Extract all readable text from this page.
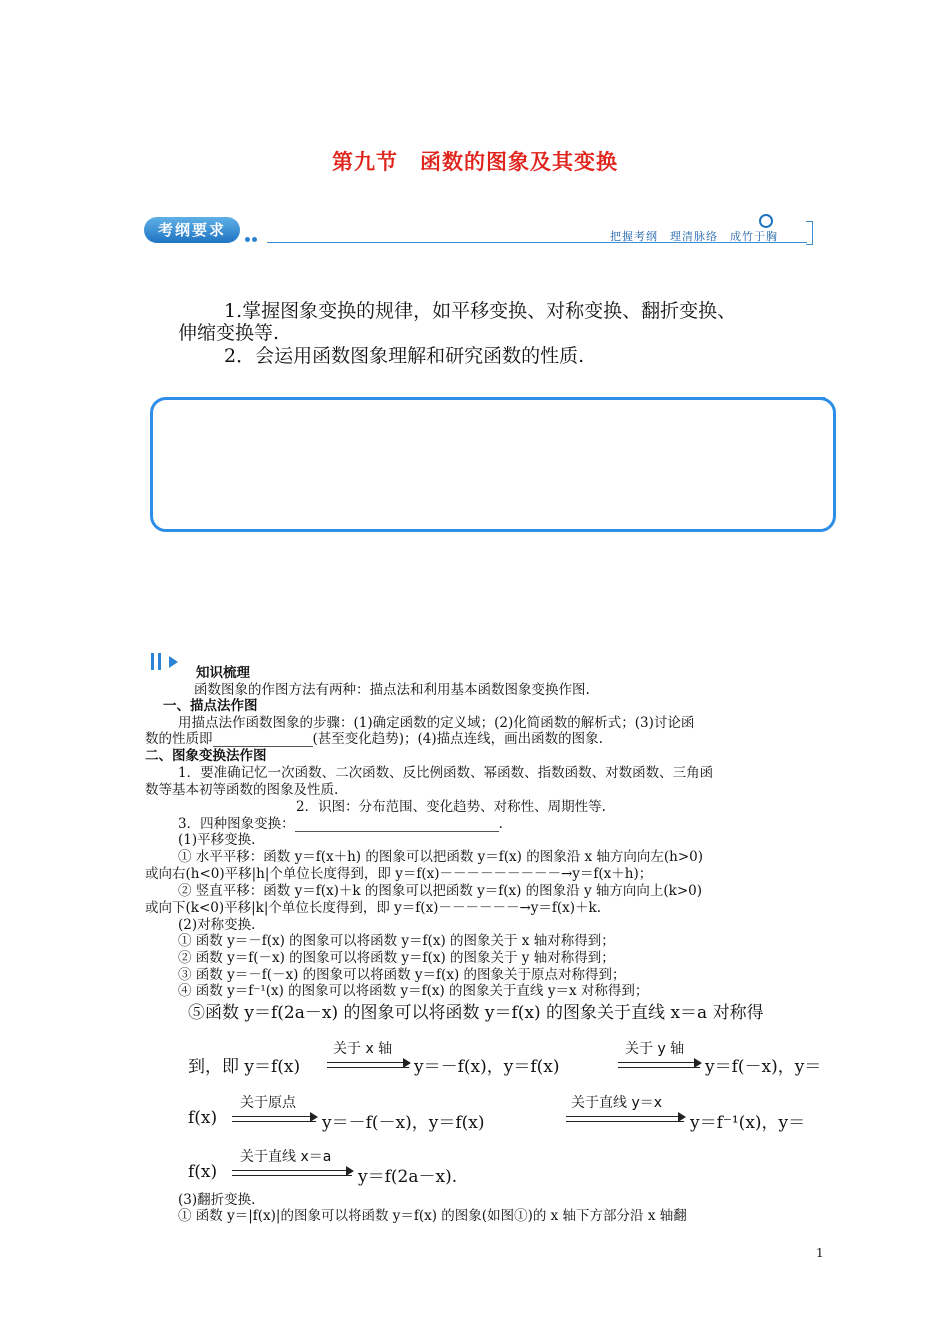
第九节　函数的图象及其变换
考纲要求	把握考纲　理清脉络　成竹于胸
1.掌握图象变换的规律，如平移变换、对称变换、翻折变换、
伸缩变换等.
2．会运用函数图象理解和研究函数的性质.
知识梳理
函数图象的作图方法有两种：描点法和利用基本函数图象变换作图.
一、描点法作图
用描点法作函数图象的步骤：(1)确定函数的定义域；(2)化简函数的解析式；(3)讨论函
数的性质即	(甚至变化趋势)；(4)描点连线，画出函数的图象.
二、图象变换法作图
1．要准确记忆一次函数、二次函数、反比例函数、幂函数、指数函数、对数函数、三角函
数等基本初等函数的图象及性质.
2．识图：分布范围、变化趋势、对称性、周期性等.
3．四种图象变换：	.
(1)平移变换.
① 水平平移：函数 y＝f(x＋h) 的图象可以把函数 y＝f(x) 的图象沿 x 轴方向向左(h>0)
或向右(h<0)平移|h|个单位长度得到，即 y＝f(x)－－－－－－－－－→y＝f(x＋h)；
② 竖直平移：函数 y＝f(x)＋k 的图象可以把函数 y＝f(x) 的图象沿 y 轴方向向上(k>0)
或向下(k<0)平移|k|个单位长度得到，即 y＝f(x)－－－－－－→y＝f(x)＋k.
(2)对称变换.
① 函数 y＝－f(x) 的图象可以将函数 y＝f(x) 的图象关于 x 轴对称得到；
② 函数 y＝f(－x) 的图象可以将函数 y＝f(x) 的图象关于 y 轴对称得到；
③ 函数 y＝－f(－x) 的图象可以将函数 y＝f(x) 的图象关于原点对称得到；
④ 函数 y＝f⁻¹(x) 的图象可以将函数 y＝f(x) 的图象关于直线 y＝x 对称得到；
⑤函数 y＝f(2a－x) 的图象可以将函数 y＝f(x) 的图象关于直线 x＝a 对称得
到，即 y＝f(x)
关于 x 轴
y＝－f(x)，y＝f(x)
关于 y 轴
y＝f(－x)，y＝
f(x)
关于原点
y＝－f(－x)，y＝f(x)
关于直线 y＝x
y＝f⁻¹(x)，y＝
f(x)
关于直线 x＝a
y＝f(2a－x).
(3)翻折变换.
① 函数 y＝|f(x)|的图象可以将函数 y＝f(x) 的图象(如图①)的 x 轴下方部分沿 x 轴翻
1
